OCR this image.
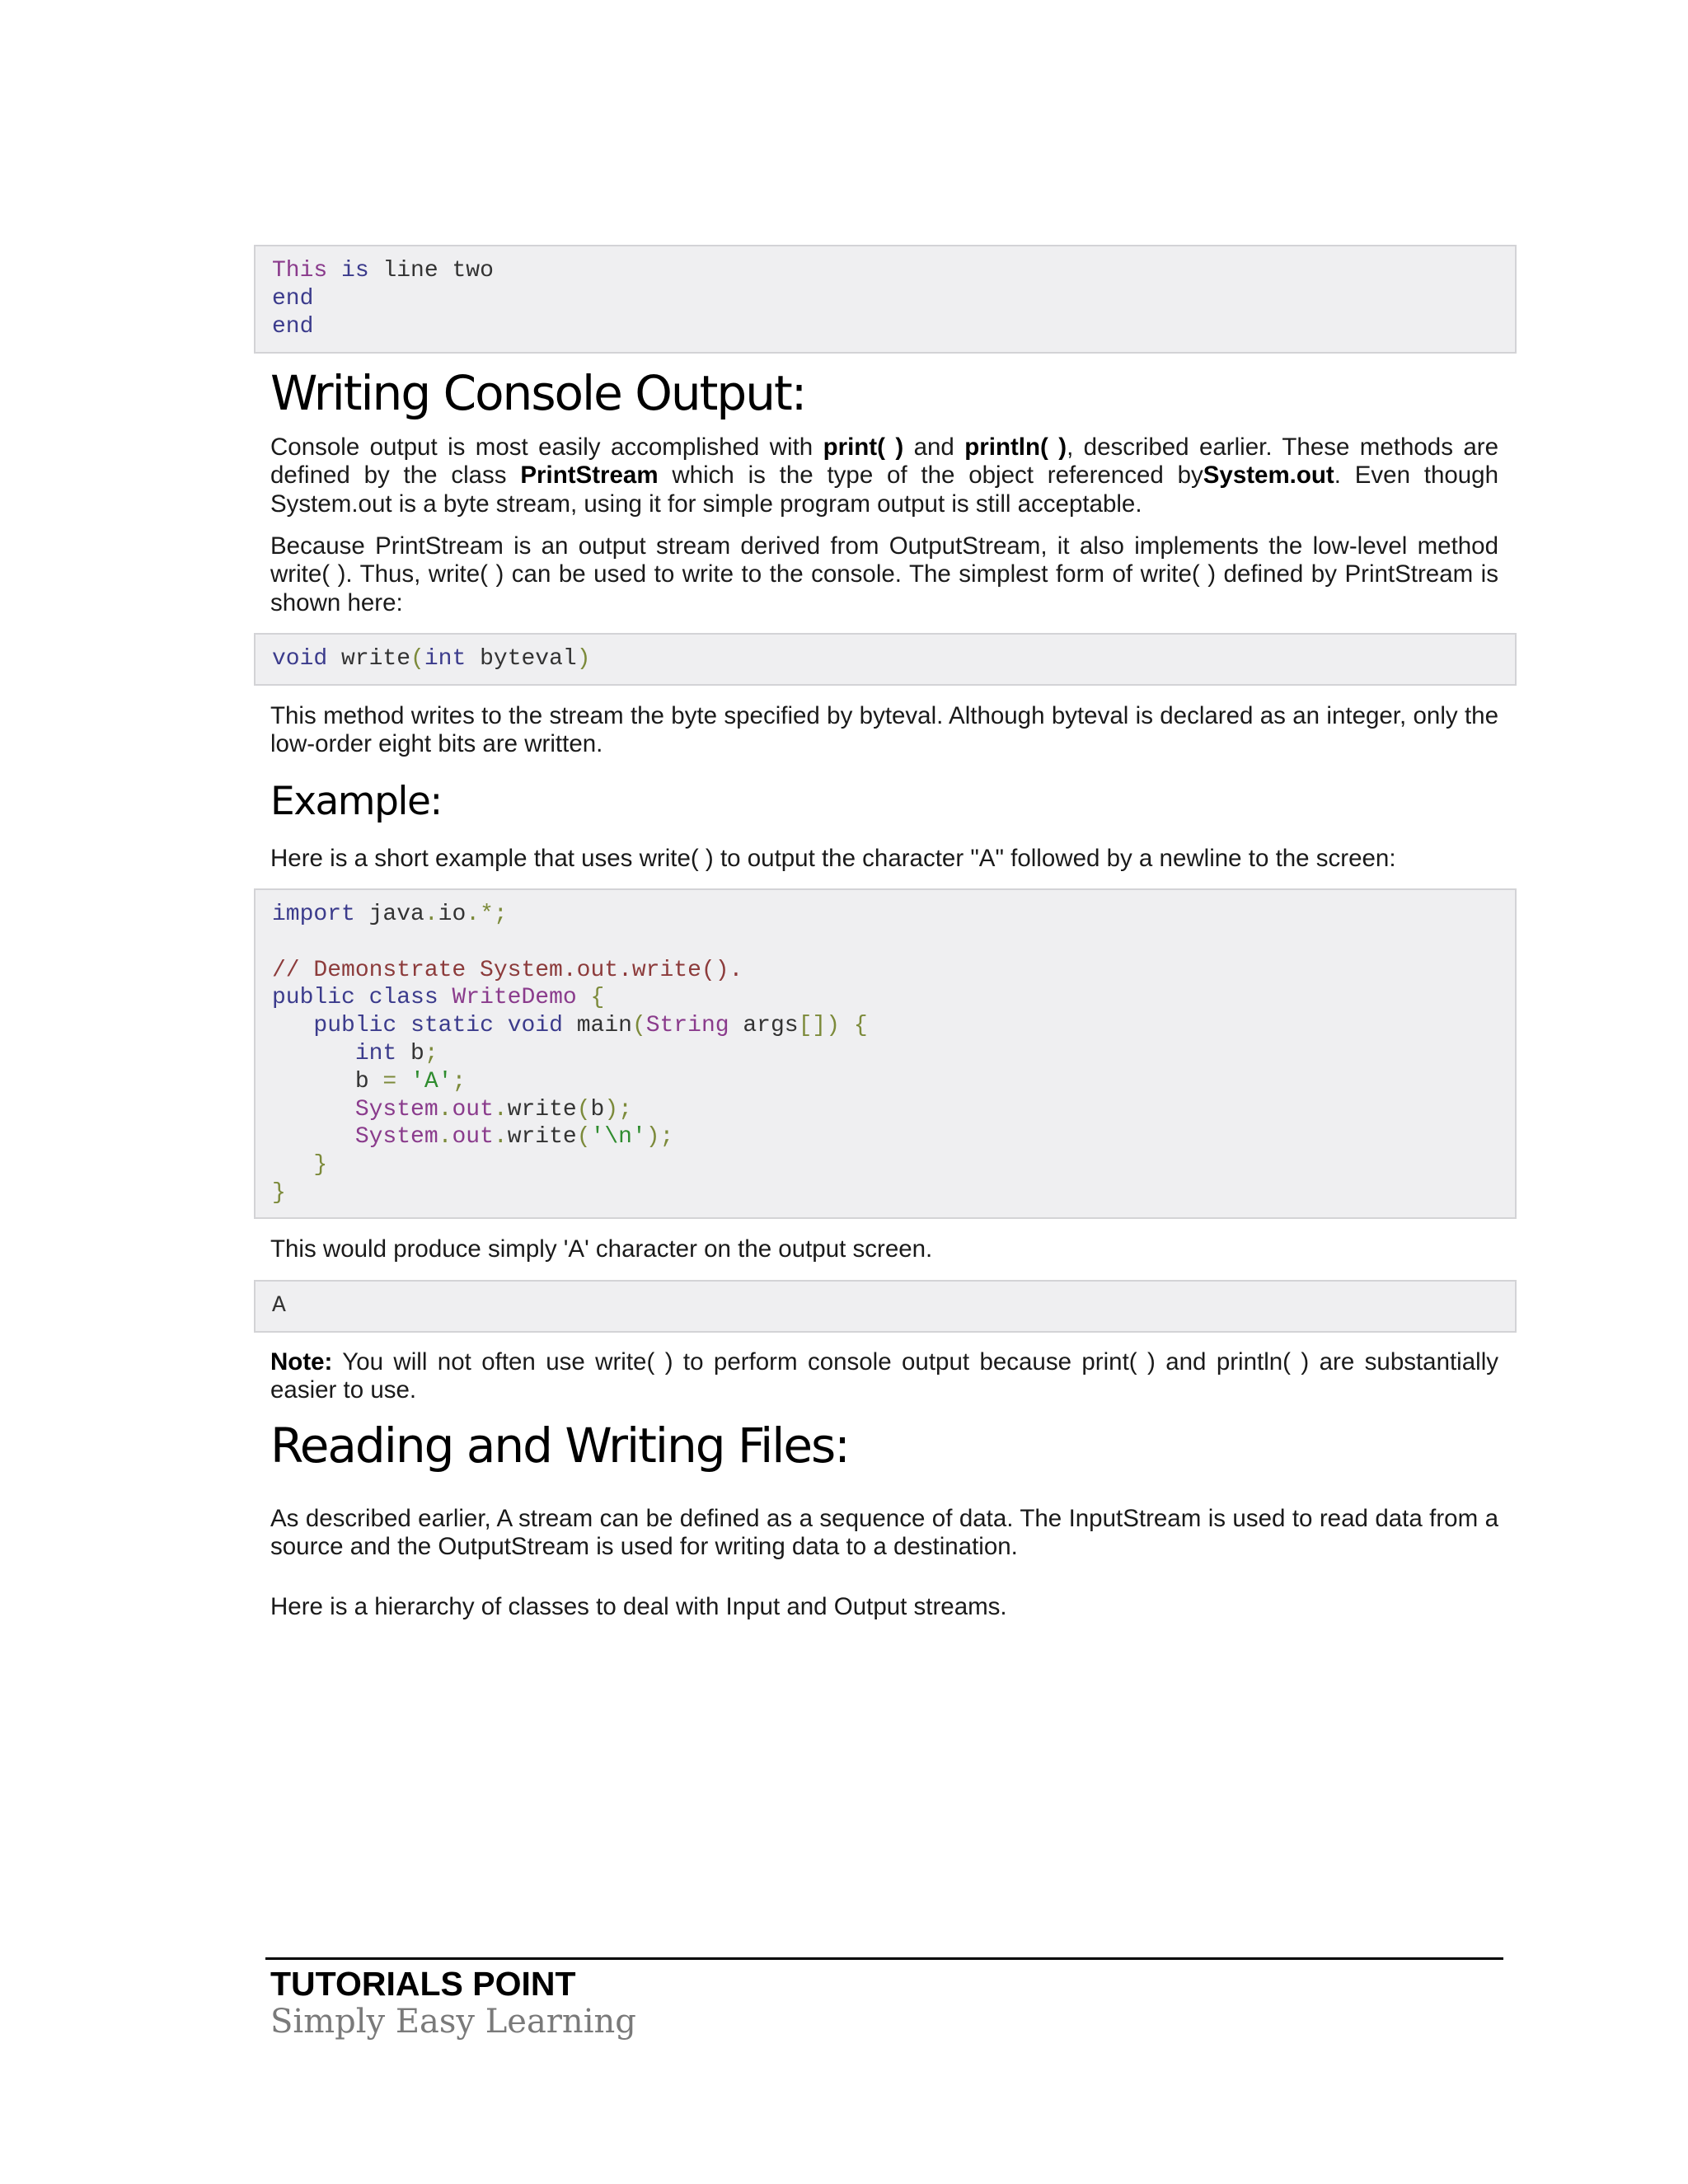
This is line two
end
end
Writing Console Output:

Console output is most easily accomplished with print( ) and println( ), described earlier. These methods are defined by the class PrintStream which is the type of the object referenced bySystem.out. Even though System.out is a byte stream, using it for simple program output is still acceptable.

Because PrintStream is an output stream derived from OutputStream, it also implements the low-level method write( ). Thus, write( ) can be used to write to the console. The simplest form of write( ) defined by PrintStream is shown here:

void write(int byteval)

This method writes to the stream the byte specified by byteval. Although byteval is declared as an integer, only the low-order eight bits are written.

Example:

Here is a short example that uses write( ) to output the character "A" followed by a newline to the screen:

import java.io.*;

// Demonstrate System.out.write().
public class WriteDemo {
public static void main(String args[]) {
int b;
b = 'A';
System.out.write(b);
System.out.write('\n');
}
}

This would produce simply 'A' character on the output screen.

A

Note: You will not often use write( ) to perform console output because print( ) and println( ) are substantially easier to use.

Reading and Writing Files:

As described earlier, A stream can be defined as a sequence of data. The InputStream is used to read data from a source and the OutputStream is used for writing data to a destination.

Here is a hierarchy of classes to deal with Input and Output streams.

TUTORIALS POINT

Simply Easy Learning
